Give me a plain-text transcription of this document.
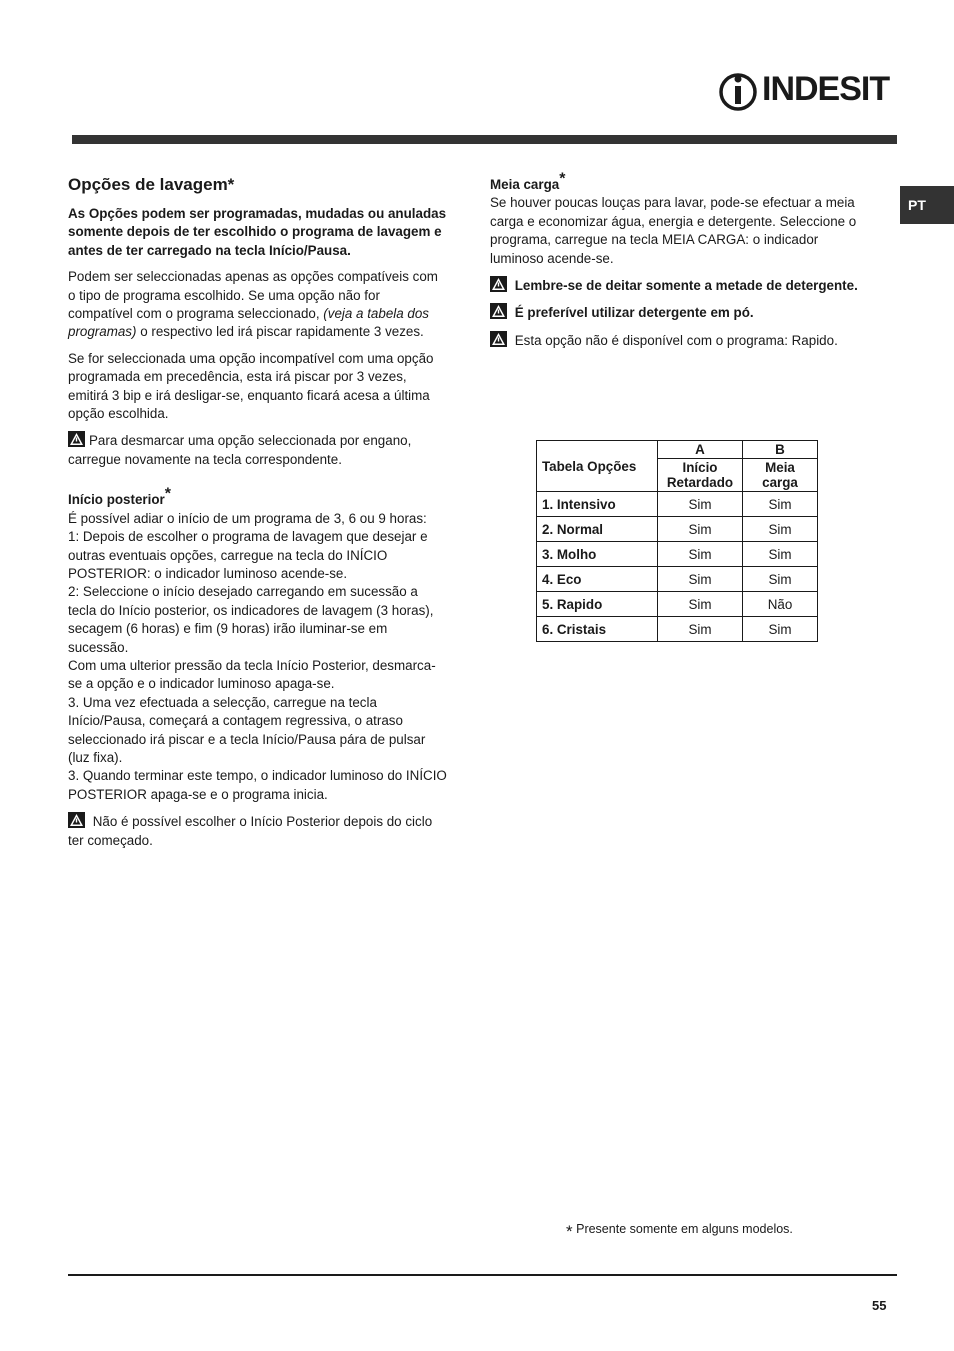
INDESIT
PT
Opções de lavagem*

As Opções podem ser programadas, mudadas ou anuladas somente depois de ter escolhido o programa de lavagem e antes de ter carregado na tecla Início/Pausa.

Podem ser seleccionadas apenas as opções compatíveis com o tipo de programa escolhido. Se uma opção não for compatível com o programa seleccionado, (veja a tabela dos programas) o respectivo led irá piscar rapidamente 3 vezes.

Se for seleccionada uma opção incompatível com uma opção programada em precedência, esta irá piscar por 3 vezes, emitirá 3 bip e irá desligar-se, enquanto ficará acesa a última opção escolhida.

Para desmarcar uma opção seleccionada por engano, carregue novamente na tecla correspondente.

Início posterior*

É possível adiar o início de um programa de 3, 6 ou 9 horas:

1: Depois de escolher o programa de lavagem que desejar e outras eventuais opções, carregue na tecla do INÍCIO POSTERIOR: o indicador luminoso acende-se.

2: Seleccione o início desejado carregando em sucessão a tecla do Início posterior, os indicadores de lavagem (3 horas), secagem (6 horas) e fim (9 horas) irão iluminar-se em sucessão.

Com uma ulterior pressão da tecla Início Posterior, desmarca-se a opção e o indicador luminoso apaga-se.

3. Uma vez efectuada a selecção, carregue na tecla Início/Pausa, começará a contagem regressiva, o atraso seleccionado irá piscar e a tecla Início/Pausa pára de pulsar (luz fixa).

3. Quando terminar este tempo, o indicador luminoso do INÍCIO POSTERIOR apaga-se e o programa inicia.

Não é possível escolher o Início Posterior depois do ciclo ter começado.

Meia carga*

Se houver poucas louças para lavar, pode-se efectuar a meia carga e economizar água, energia e detergente. Seleccione o programa, carregue na tecla MEIA CARGA: o indicador luminoso acende-se.

Lembre-se de deitar somente a metade de detergente.

É preferível utilizar detergente em pó.

Esta opção não é disponível com o programa: Rapido.

Tabela Opções	A	B
	Início Retardado	Meia carga
1. Intensivo	Sim	Sim
2. Normal	Sim	Sim
3. Molho	Sim	Sim
4. Eco	Sim	Sim
5. Rapido	Sim	Não
6. Cristais	Sim	Sim
* Presente somente em alguns modelos.
55
